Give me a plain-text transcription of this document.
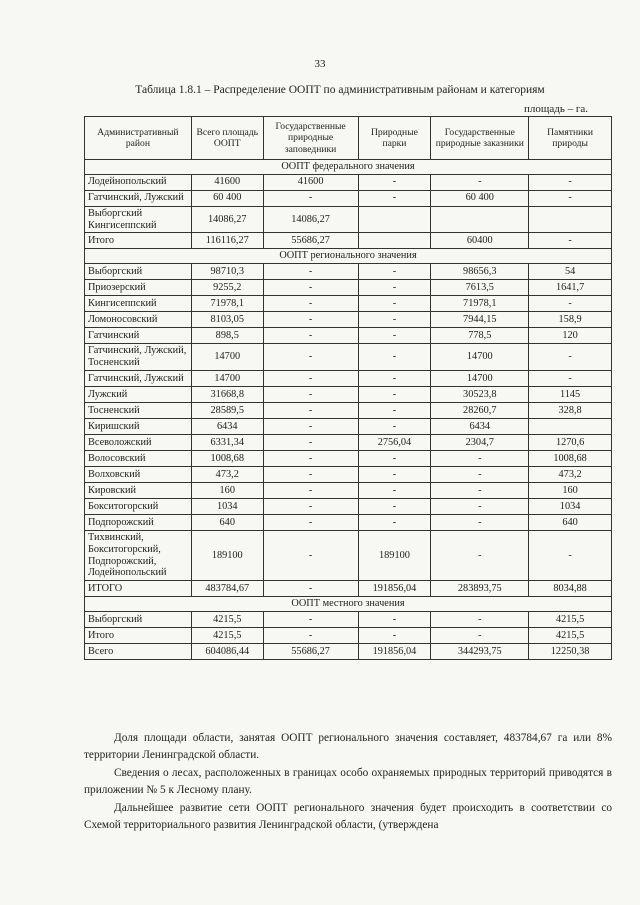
33
Таблица 1.8.1 – Распределение ООПТ по административным районам и категориям
площадь – га.
Административный район	Всего площадь ООПТ	Государственные природные заповедники	Природные парки	Государственные природные заказники	Памятники природы
ООПТ федерального значения					
Лодейнопольский	41600	41600	-	-	-
Гатчинский, Лужский	60 400	-	-	60 400	-
Выборгский Кингисеппский	14086,27	14086,27			
Итого	116116,27	55686,27		60400	-
ООПТ регионального значения					
Выборгский	98710,3	-	-	98656,3	54
Приозерский	9255,2	-	-	7613,5	1641,7
Кингисеппский	71978,1	-	-	71978,1	-
Ломоносовский	8103,05	-	-	7944,15	158,9
Гатчинский	898,5	-	-	778,5	120
Гатчинский, Лужский, Тосненский	14700	-	-	14700	-
Гатчинский, Лужский	14700	-	-	14700	-
Лужский	31668,8	-	-	30523,8	1145
Тосненский	28589,5	-	-	28260,7	328,8
Киришский	6434	-	-	6434	
Всеволожский	6331,34	-	2756,04	2304,7	1270,6
Волосовский	1008,68	-	-	-	1008,68
Волховский	473,2	-	-	-	473,2
Кировский	160	-	-	-	160
Бокситогорский	1034	-	-	-	1034
Подпорожский	640	-	-	-	640
Тихвинский, Бокситогорский, Подпорожский, Лодейнопольский	189100	-	189100	-	-
ИТОГО	483784,67	-	191856,04	283893,75	8034,88
ООПТ местного значения					
Выборгский	4215,5	-	-	-	4215,5
Итого	4215,5	-	-	-	4215,5
Всего	604086,44	55686,27	191856,04	344293,75	12250,38
Доля площади области, занятая ООПТ регионального значения составляет, 483784,67 га или 8% территории Ленинградской области.
Сведения о лесах, расположенных в границах особо охраняемых природных территорий приводятся в приложении № 5 к Лесному плану.
Дальнейшее развитие сети ООПТ регионального значения будет происходить в соответствии со Схемой территориального развития Ленинградской области, (утверждена
